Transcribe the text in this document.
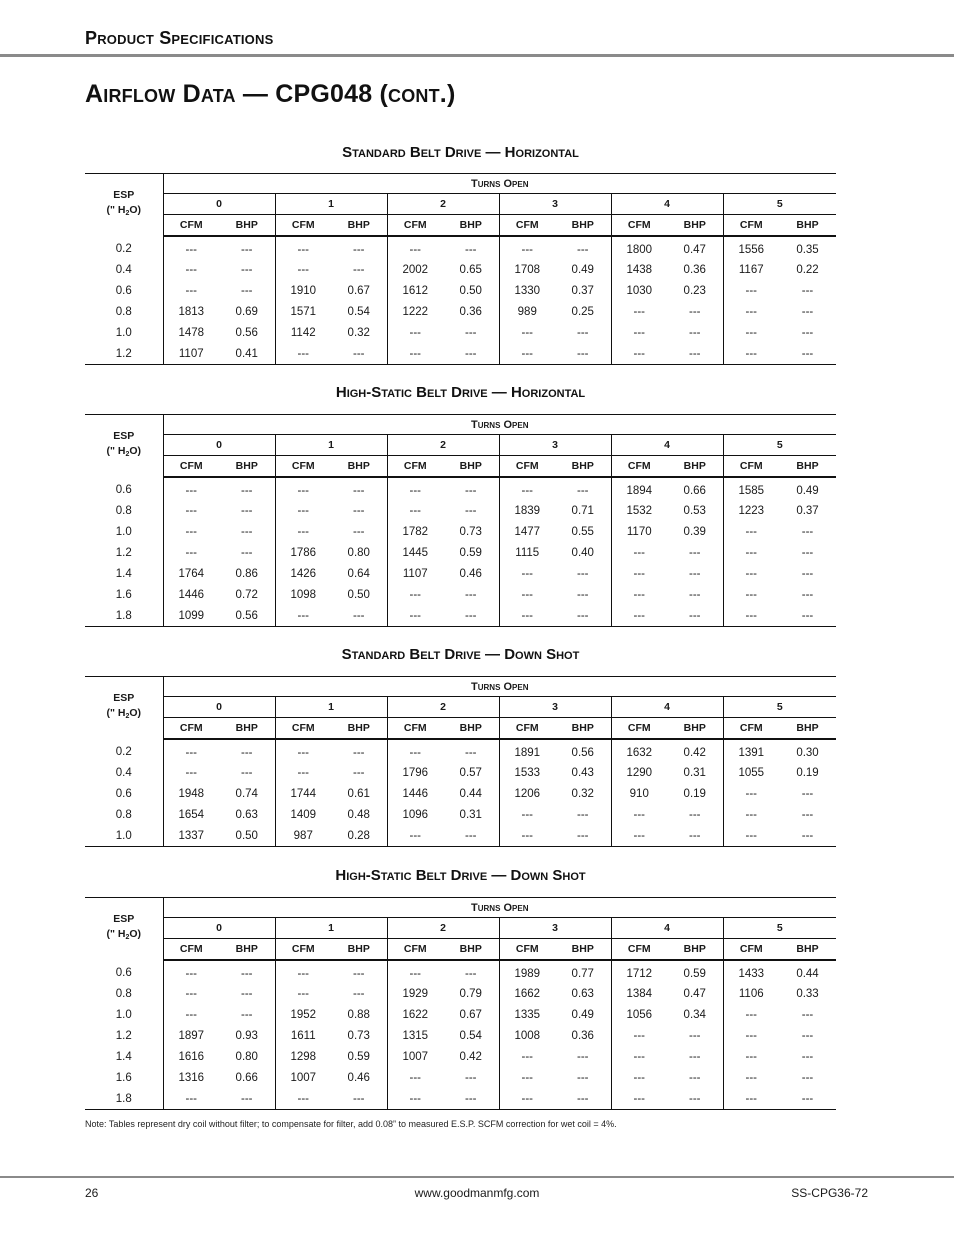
Product Specifications
Airflow Data — CPG048 (cont.)
Standard Belt Drive — Horizontal
ESP
(" $H_2O$)	Turns Open											
	0		1		2		3		4		5	
	CFM	BHP	CFM	BHP	CFM	BHP	CFM	BHP	CFM	BHP	CFM	BHP
0.2	---	---	---	---	---	---	---	---	1800	0.47	1556	0.35
0.4	---	---	---	---	2002	0.65	1708	0.49	1438	0.36	1167	0.22
0.6	---	---	1910	0.67	1612	0.50	1330	0.37	1030	0.23	---	---
0.8	1813	0.69	1571	0.54	1222	0.36	989	0.25	---	---	---	---
1.0	1478	0.56	1142	0.32	---	---	---	---	---	---	---	---
1.2	1107	0.41	---	---	---	---	---	---	---	---	---	---
High-Static Belt Drive — Horizontal
ESP
(" $H_2O$)	Turns Open											
	0		1		2		3		4		5	
	CFM	BHP	CFM	BHP	CFM	BHP	CFM	BHP	CFM	BHP	CFM	BHP
0.6	---	---	---	---	---	---	---	---	1894	0.66	1585	0.49
0.8	---	---	---	---	---	---	1839	0.71	1532	0.53	1223	0.37
1.0	---	---	---	---	1782	0.73	1477	0.55	1170	0.39	---	---
1.2	---	---	1786	0.80	1445	0.59	1115	0.40	---	---	---	---
1.4	1764	0.86	1426	0.64	1107	0.46	---	---	---	---	---	---
1.6	1446	0.72	1098	0.50	---	---	---	---	---	---	---	---
1.8	1099	0.56	---	---	---	---	---	---	---	---	---	---
Standard Belt Drive — Down Shot
ESP
(" $H_2O$)	Turns Open											
	0		1		2		3		4		5	
	CFM	BHP	CFM	BHP	CFM	BHP	CFM	BHP	CFM	BHP	CFM	BHP
0.2	---	---	---	---	---	---	1891	0.56	1632	0.42	1391	0.30
0.4	---	---	---	---	1796	0.57	1533	0.43	1290	0.31	1055	0.19
0.6	1948	0.74	1744	0.61	1446	0.44	1206	0.32	910	0.19	---	---
0.8	1654	0.63	1409	0.48	1096	0.31	---	---	---	---	---	---
1.0	1337	0.50	987	0.28	---	---	---	---	---	---	---	---
High-Static Belt Drive — Down Shot
ESP
(" $H_2O$)	Turns Open											
	0		1		2		3		4		5	
	CFM	BHP	CFM	BHP	CFM	BHP	CFM	BHP	CFM	BHP	CFM	BHP
0.6	---	---	---	---	---	---	1989	0.77	1712	0.59	1433	0.44
0.8	---	---	---	---	1929	0.79	1662	0.63	1384	0.47	1106	0.33
1.0	---	---	1952	0.88	1622	0.67	1335	0.49	1056	0.34	---	---
1.2	1897	0.93	1611	0.73	1315	0.54	1008	0.36	---	---	---	---
1.4	1616	0.80	1298	0.59	1007	0.42	---	---	---	---	---	---
1.6	1316	0.66	1007	0.46	---	---	---	---	---	---	---	---
1.8	---	---	---	---	---	---	---	---	---	---	---	---
Note: Tables represent dry coil without filter; to compensate for filter, add 0.08” to measured E.S.P. SCFM correction for wet coil = 4%.
26	www.goodmanmfg.com	SS-CPG36-72
